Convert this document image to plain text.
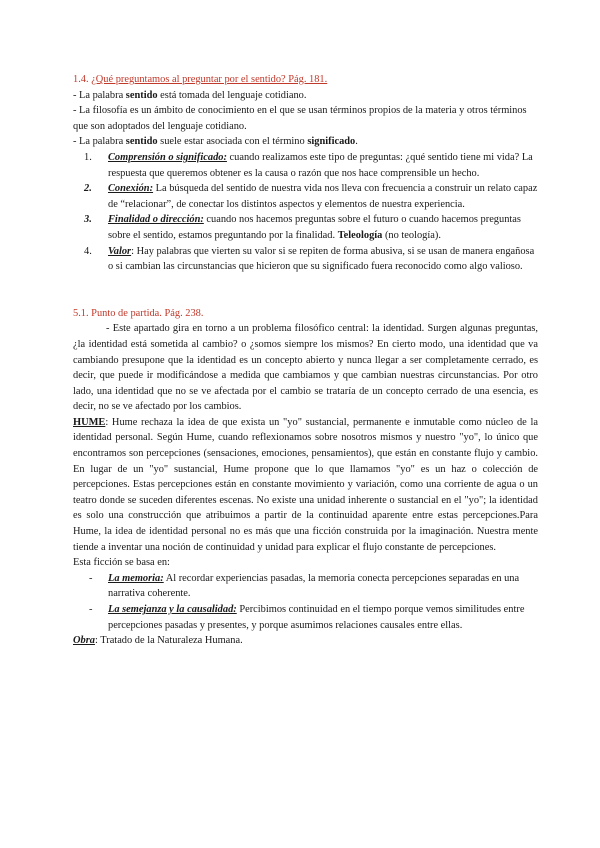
1.4. ¿Qué preguntamos al preguntar por el sentido? Pág. 181.

- La palabra sentido está tomada del lenguaje cotidiano.

- La filosofía es un ámbito de conocimiento en el que se usan términos propios de la materia y otros términos que son adoptados del lenguaje cotidiano.

- La palabra sentido suele estar asociada con el término significado.

1. Comprensión o significado: cuando realizamos este tipo de preguntas: ¿qué sentido tiene mi vida? La respuesta que queremos obtener es la causa o razón que nos hace comprensible un hecho.
2. Conexión: La búsqueda del sentido de nuestra vida nos lleva con frecuencia a construir un relato capaz de “relacionar”, de conectar los distintos aspectos y elementos de nuestra experiencia.
3. Finalidad o dirección: cuando nos hacemos preguntas sobre el futuro o cuando hacemos preguntas sobre el sentido, estamos preguntando por la finalidad. Teleología (no teología).
4. Valor: Hay palabras que vierten su valor si se repiten de forma abusiva, si se usan de manera engañosa o si cambian las circunstancias que hicieron que su significado fuera reconocido como algo valioso.

5.1. Punto de partida. Pág. 238.

- Este apartado gira en torno a un problema filosófico central: la identidad. Surgen algunas preguntas, ¿la identidad está sometida al cambio? o ¿somos siempre los mismos? En cierto modo, una identidad que va cambiando presupone que la identidad es un concepto abierto y nunca llegar a ser completamente cerrado, es decir, que puede ir modificándose a medida que cambiamos y que cambian nuestras circunstancias. Por otro lado, una identidad que no se ve afectada por el cambio se trataría de un concepto cerrado de una esencia, es decir, no se ve afectado por los cambios.

HUME: Hume rechaza la idea de que exista un "yo" sustancial, permanente e inmutable como núcleo de la identidad personal. Según Hume, cuando reflexionamos sobre nosotros mismos y nuestro "yo", lo único que encontramos son percepciones (sensaciones, emociones, pensamientos), que están en constante flujo y cambio. En lugar de un "yo" sustancial, Hume propone que lo que llamamos "yo" es un haz o colección de percepciones. Estas percepciones están en constante movimiento y variación, como una corriente de agua o un teatro donde se suceden diferentes escenas. No existe una unidad inherente o sustancial en el "yo"; la identidad es solo una construcción que atribuimos a partir de la continuidad aparente entre estas percepciones.Para Hume, la idea de identidad personal no es más que una ficción construida por la imaginación. Nuestra mente tiende a inventar una noción de continuidad y unidad para explicar el flujo constante de percepciones.

Esta ficción se basa en:

- La memoria: Al recordar experiencias pasadas, la memoria conecta percepciones separadas en una narrativa coherente.
- La semejanza y la causalidad: Percibimos continuidad en el tiempo porque vemos similitudes entre percepciones pasadas y presentes, y porque asumimos relaciones causales entre ellas.

Obra: Tratado de la Naturaleza Humana.
